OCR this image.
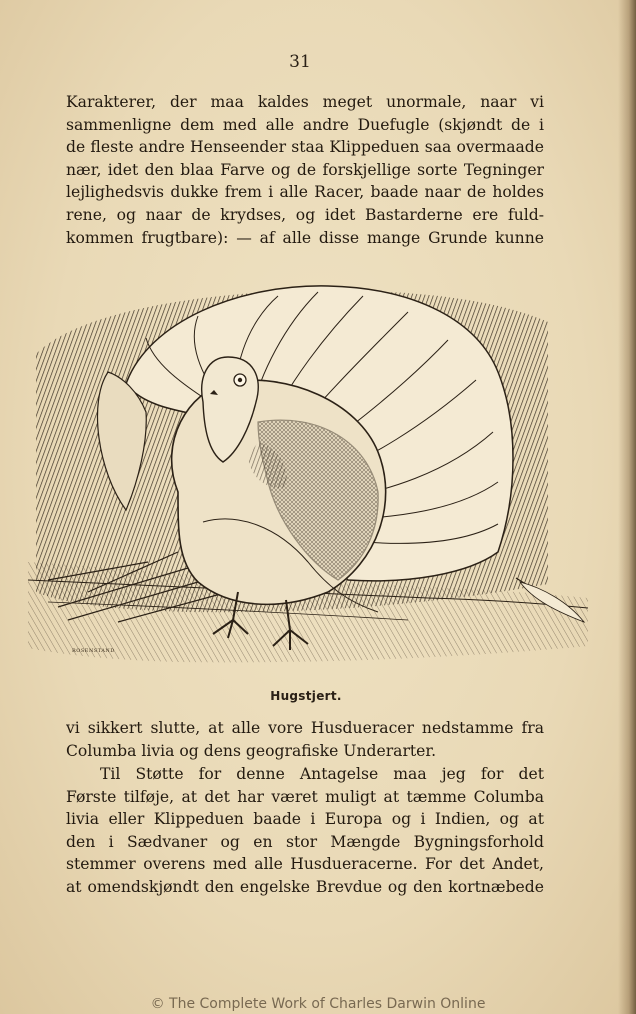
31
Karakterer, der maa kaldes meget unormale, naar vi
sammenligne dem med alle andre Duefugle (skjøndt de i
de fleste andre Henseender staa Klippeduen saa overmaade
nær, idet den blaa Farve og de forskjellige sorte Tegninger
lejlighedsvis dukke frem i alle Racer, baade naar de holdes
rene, og naar de krydses, og idet Bastarderne ere fuld-
kommen frugtbare): — af alle disse mange Grunde kunne
ROSENSTAND
Hugstjert.
vi sikkert slutte, at alle vore Husdueracer nedstamme fra
Columba livia og dens geografiske Underarter.
Til Støtte for denne Antagelse maa jeg for det
Første tilføje, at det har været muligt at tæmme Columba
livia eller Klippeduen baade i Europa og i Indien, og at
den i Sædvaner og en stor Mængde Bygningsforhold
stemmer overens med alle Husdueracerne. For det Andet,
at omendskjøndt den engelske Brevdue og den kortnæbede
© The Complete Work of Charles Darwin Online
